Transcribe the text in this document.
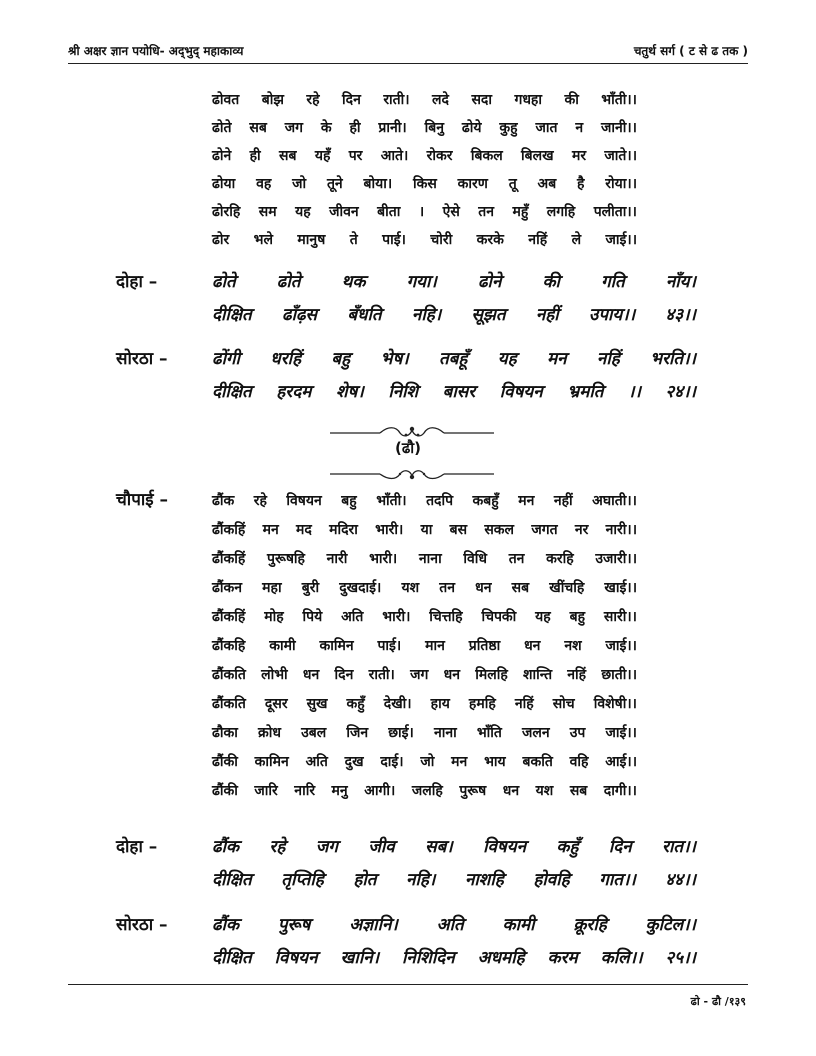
श्री अक्षर ज्ञान पयोधि- अद्‌भुद्‌ महाकाव्य	चतुर्थ सर्ग ( ट से ढ तक )
ढोवत बोझ रहे दिन राती। लदे सदा गधहा की भाँती।।
ढोते सब जग के ही प्रानी। बिनु ढोये कुहु जात न जानी।।
ढोने ही सब यहँ पर आते। रोकर बिकल बिलख मर जाते।।
ढोया वह जो तूने बोया। किस कारण तू अब है रोया।।
ढोरहि सम यह जीवन बीता । ऐसे तन महुँ लगहि पलीता।।
ढोर भले मानुष ते पाई। चोरी करके नहिं ले जाई।।
दोहा –	ढोते ढोते थक गया। ढोने की गति नाँय।
दीक्षित ढाँढ़स बँधति नहि। सूझत नहीं उपाय।। ४३।।
सोरठा –	ढोंगी धरहिं बहु भेष। तबहूँ यह मन नहिं भरति।।
दीक्षित हरदम शेष। निशि बासर विषयन भ्रमति ।। २४।।
(ढौ)
चौपाई –	ढौंक रहे विषयन बहु भाँती। तदपि कबहुँ मन नहीं अघाती।।
ढौंकहिं मन मद मदिरा भारी। या बस सकल जगत नर नारी।।
ढौंकहिं पुरूषहि नारी भारी। नाना विधि तन करहि उजारी।।
ढौंकन महा बुरी दुखदाई। यश तन धन सब खींचहि खाई।।
ढौंकहिं मोह पिये अति भारी। चित्तहि चिपकी यह बहु सारी।।
ढौंकहि कामी कामिन पाई। मान प्रतिष्ठा धन नश जाई।।
ढौंकति लोभी धन दिन राती। जग धन मिलहि शान्ति नहिं छाती।।
ढौंकति दूसर सुख कहुँ देखी। हाय हमहि नहिं सोच विशेषी।।
ढौका क्रोध उबल जिन छाई। नाना भाँति जलन उप जाई।।
ढौंकी कामिन अति दुख दाई। जो मन भाय बकति वहि आई।।
ढौंकी जारि नारि मनु आगी। जलहि पुरूष धन यश सब दागी।।
दोहा –	ढौंक रहे जग जीव सब। विषयन कहुँ दिन रात।।
दीक्षित तृप्तिहि होत नहि। नाशहि होवहि गात।। ४४।।
सोरठा –	ढौंक पुरूष अज्ञानि। अति कामी क्रूरहि कुटिल।।
दीक्षित विषयन खानि। निशिदिन अधमहि करम कलि।। २५।।
ढो - ढौ /१३९
